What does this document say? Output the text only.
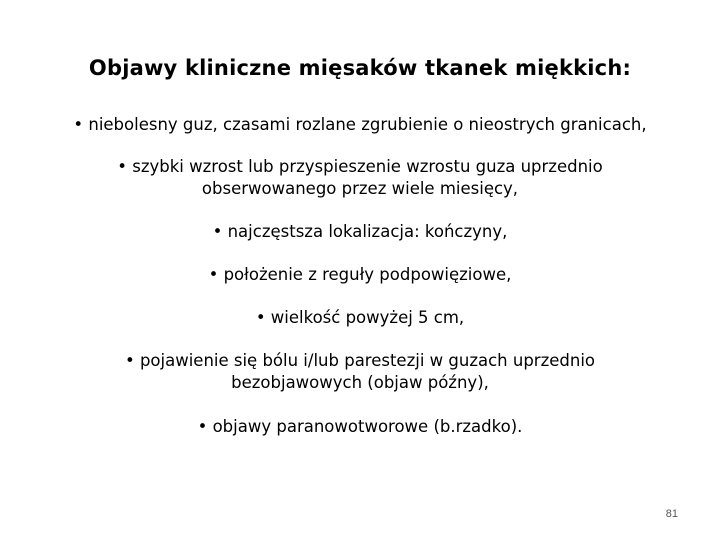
Objawy kliniczne mięsaków tkanek miękkich:
• niebolesny guz, czasami rozlane zgrubienie o nieostrych granicach,
• szybki wzrost lub przyspieszenie wzrostu guza uprzednio
obserwowanego przez wiele miesięcy,
• najczęstsza lokalizacja: kończyny,
• położenie z reguły podpowięziowe,
• wielkość powyżej 5 cm,
• pojawienie się bólu i/lub parestezji w guzach uprzednio
bezobjawowych (objaw późny),
• objawy paranowotworowe (b.rzadko).
81
